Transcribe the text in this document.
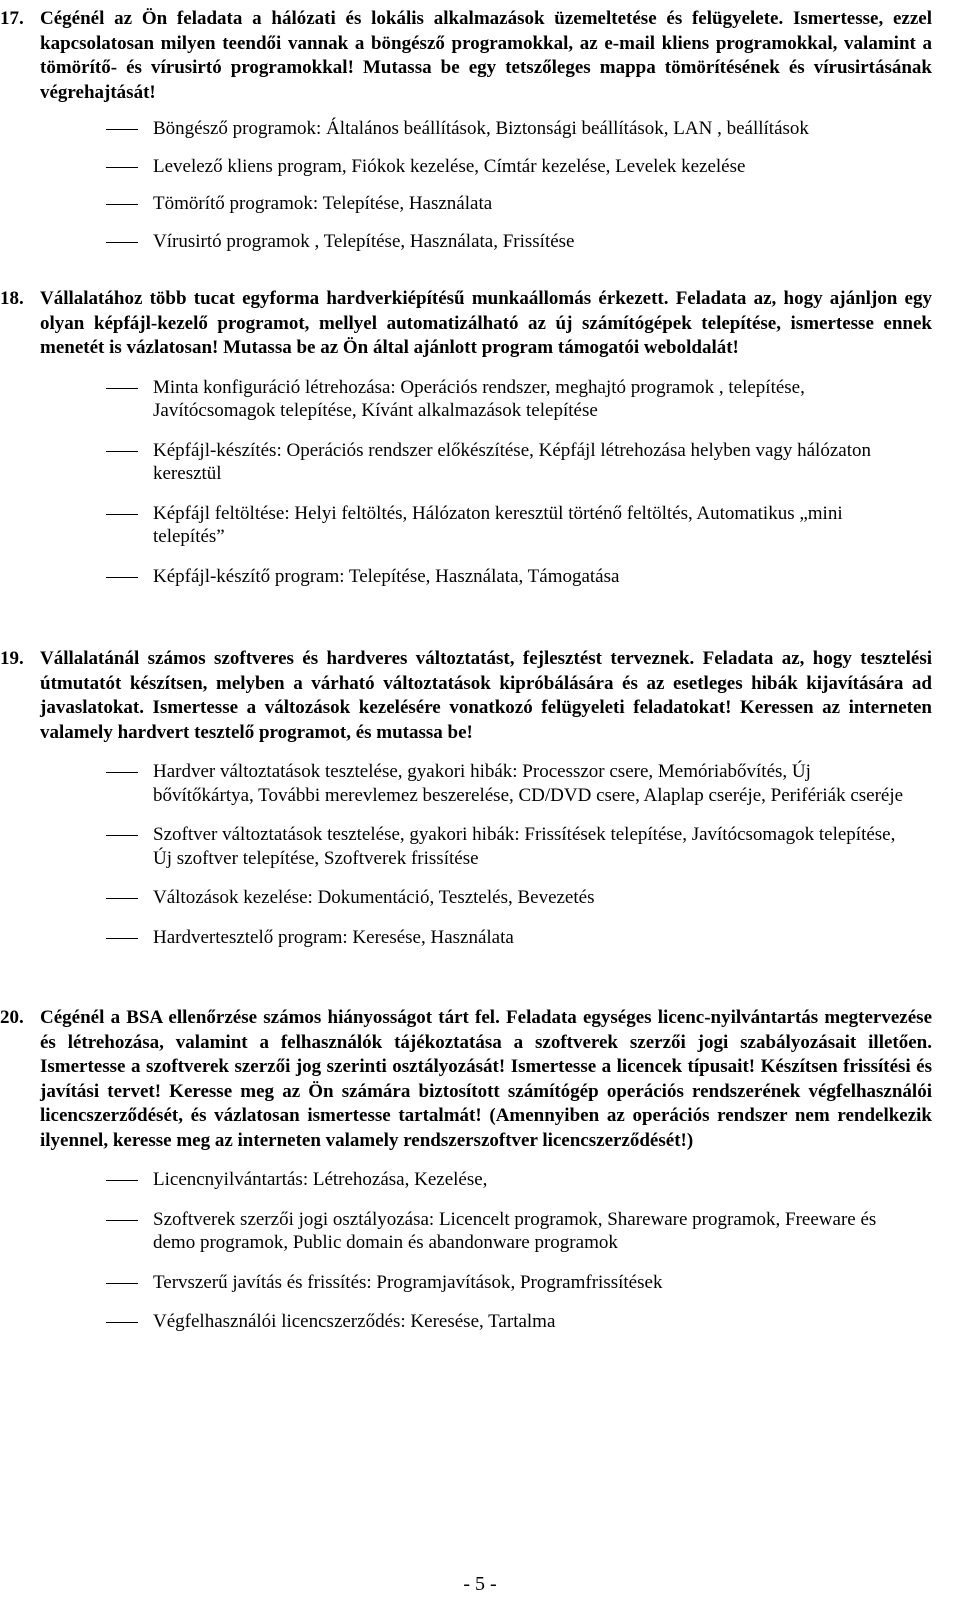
17. Cégénél az Ön feladata a hálózati és lokális alkalmazások üzemeltetése és felügyelete. Ismertesse, ezzel kapcsolatosan milyen teendői vannak a böngésző programokkal, az e-mail kliens programokkal, valamint a tömörítő- és vírusirtó programokkal! Mutassa be egy tetszőleges mappa tömörítésének és vírusirtásának végrehajtását!
Böngésző programok: Általános beállítások, Biztonsági beállítások, LAN , beállítások
Levelező kliens program, Fiókok kezelése, Címtár kezelése, Levelek kezelése
Tömörítő programok: Telepítése, Használata
Vírusirtó programok , Telepítése, Használata, Frissítése
18. Vállalatához több tucat egyforma hardverkiépítésű munkaállomás érkezett. Feladata az, hogy ajánljon egy olyan képfájl-kezelő programot, mellyel automatizálható az új számítógépek telepítése, ismertesse ennek menetét is vázlatosan! Mutassa be az Ön által ajánlott program támogatói weboldalát!
Minta konfiguráció létrehozása: Operációs rendszer, meghajtó programok , telepítése, Javítócsomagok telepítése, Kívánt alkalmazások telepítése
Képfájl-készítés: Operációs rendszer előkészítése, Képfájl létrehozása helyben vagy hálózaton keresztül
Képfájl feltöltése: Helyi feltöltés, Hálózaton keresztül történő feltöltés, Automatikus „mini telepítés”
Képfájl-készítő program: Telepítése, Használata, Támogatása
19. Vállalatánál számos szoftveres és hardveres változtatást, fejlesztést terveznek. Feladata az, hogy tesztelési útmutatót készítsen, melyben a várható változtatások kipróbálására és az esetleges hibák kijavítására ad javaslatokat. Ismertesse a változások kezelésére vonatkozó felügyeleti feladatokat! Keressen az interneten valamely hardvert tesztelő programot, és mutassa be!
Hardver változtatások tesztelése, gyakori hibák: Processzor csere, Memóriabővítés, Új bővítőkártya, További merevlemez beszerelése, CD/DVD csere, Alaplap cseréje, Perifériák cseréje
Szoftver változtatások tesztelése, gyakori hibák: Frissítések telepítése, Javítócsomagok telepítése, Új szoftver telepítése, Szoftverek frissítése
Változások kezelése: Dokumentáció, Tesztelés, Bevezetés
Hardvertesztelő program: Keresése, Használata
20. Cégénél a BSA ellenőrzése számos hiányosságot tárt fel. Feladata egységes licenc-nyilvántartás megtervezése és létrehozása, valamint a felhasználók tájékoztatása a szoftverek szerzői jogi szabályozásait illetően. Ismertesse a szoftverek szerzői jog szerinti osztályozását! Ismertesse a licencek típusait! Készítsen frissítési és javítási tervet! Keresse meg az Ön számára biztosított számítógép operációs rendszerének végfelhasználói licencszerződését, és vázlatosan ismertesse tartalmát! (Amennyiben az operációs rendszer nem rendelkezik ilyennel, keresse meg az interneten valamely rendszerszoftver licencszerződését!)
Licencnyilvántartás: Létrehozása, Kezelése,
Szoftverek szerzői jogi osztályozása: Licencelt programok, Shareware programok, Freeware és demo programok, Public domain és abandonware programok
Tervszerű javítás és frissítés: Programjavítások, Programfrissítések
Végfelhasználói licencszerződés: Keresése, Tartalma
- 5 -
